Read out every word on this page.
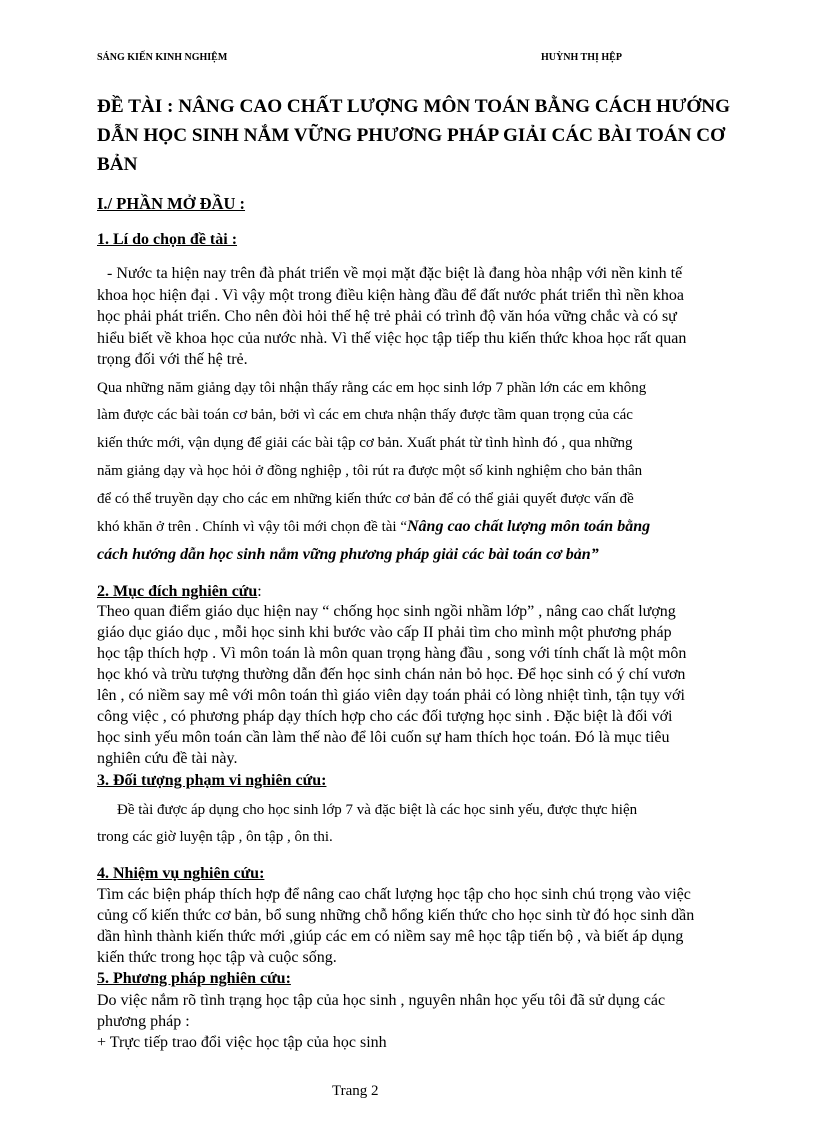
SÁNG KIẾN KINH NGHIỆM	HUỲNH THỊ HỆP
ĐỀ TÀI : NÂNG CAO CHẤT LƯỢNG MÔN TOÁN BẰNG CÁCH HƯỚNG DẪN HỌC SINH NẮM VỮNG PHƯƠNG PHÁP GIẢI CÁC BÀI TOÁN CƠ BẢN
I./ PHẦN MỞ ĐẦU :
1. Lí do chọn đề tài :
- Nước ta hiện nay trên đà phát triển về mọi mặt đặc biệt là đang hòa nhập với nền kinh tế
khoa học hiện đại . Vì vậy một trong điều kiện hàng đầu để đất nước phát triển thì nền khoa
học phải phát triển. Cho nên đòi hỏi thế hệ trẻ phải có trình độ văn hóa vững chắc và có sự
hiểu biết về khoa học của nước nhà. Vì thế việc học tập tiếp thu kiến thức khoa học rất quan
trọng đối với thế hệ trẻ.
Qua những năm giảng dạy tôi nhận thấy rằng các em học sinh lớp 7 phần lớn các em không
làm được các bài toán cơ bản, bởi vì các em chưa nhận thấy được tầm quan trọng của các
kiến thức mới, vận dụng để giải các bài tập cơ bản. Xuất phát từ tình hình đó , qua những
năm giảng dạy và học hỏi ở đồng nghiệp , tôi rút ra được một số kinh nghiệm cho bản thân
để có thể truyền dạy cho các em những kiến thức cơ bản để có thể giải quyết được vấn đề
khó khăn ở trên . Chính vì vậy tôi mới chọn đề tài “Nâng cao chất lượng môn toán bằng
cách hướng dẫn học sinh nắm vững phương pháp giải các bài toán cơ bản”
2. Mục đích nghiên cứu:
Theo quan điểm giáo dục hiện nay “ chống học sinh ngồi nhầm lớp” , nâng cao chất lượng
giáo dục giáo dục , mỗi học sinh khi bước vào cấp II phải tìm cho mình một phương pháp
học tập thích hợp . Vì môn toán là môn quan trọng hàng đầu , song với tính chất là một môn
học khó và trừu tượng thường dẫn đến học sinh chán nản bỏ học. Để học sinh có ý chí vươn
lên , có niềm say mê với môn toán thì giáo viên dạy toán phải có lòng nhiệt tình, tận tụy với
công việc , có phương pháp dạy thích hợp cho các đối tượng học sinh . Đặc biệt là đối với
học sinh yếu môn toán cần làm thế nào để lôi cuốn sự ham thích học toán. Đó là mục tiêu
nghiên cứu đề tài này.
3. Đối tượng phạm vi nghiên cứu:
Đề tài được áp dụng cho học sinh lớp 7 và đặc biệt là các học sinh yếu, được thực hiện
trong các giờ luyện tập , ôn tập , ôn thi.
4. Nhiệm vụ nghiên cứu:
Tìm các biện pháp thích hợp để nâng cao chất lượng học tập cho học sinh chú trọng vào việc
củng cố kiến thức cơ bản, bổ sung những chỗ hổng kiến thức cho học sinh từ đó học sinh dần
dần hình thành kiến thức mới ,giúp các em có niềm say mê học tập tiến bộ , và biết áp dụng
kiến thức trong học tập và cuộc sống.
5. Phương pháp nghiên cứu:
Do việc nắm rõ tình trạng học tập của học sinh , nguyên nhân học yếu tôi đã sử dụng các
phương pháp :
+ Trực tiếp trao đổi việc học tập của học sinh
Trang 2
